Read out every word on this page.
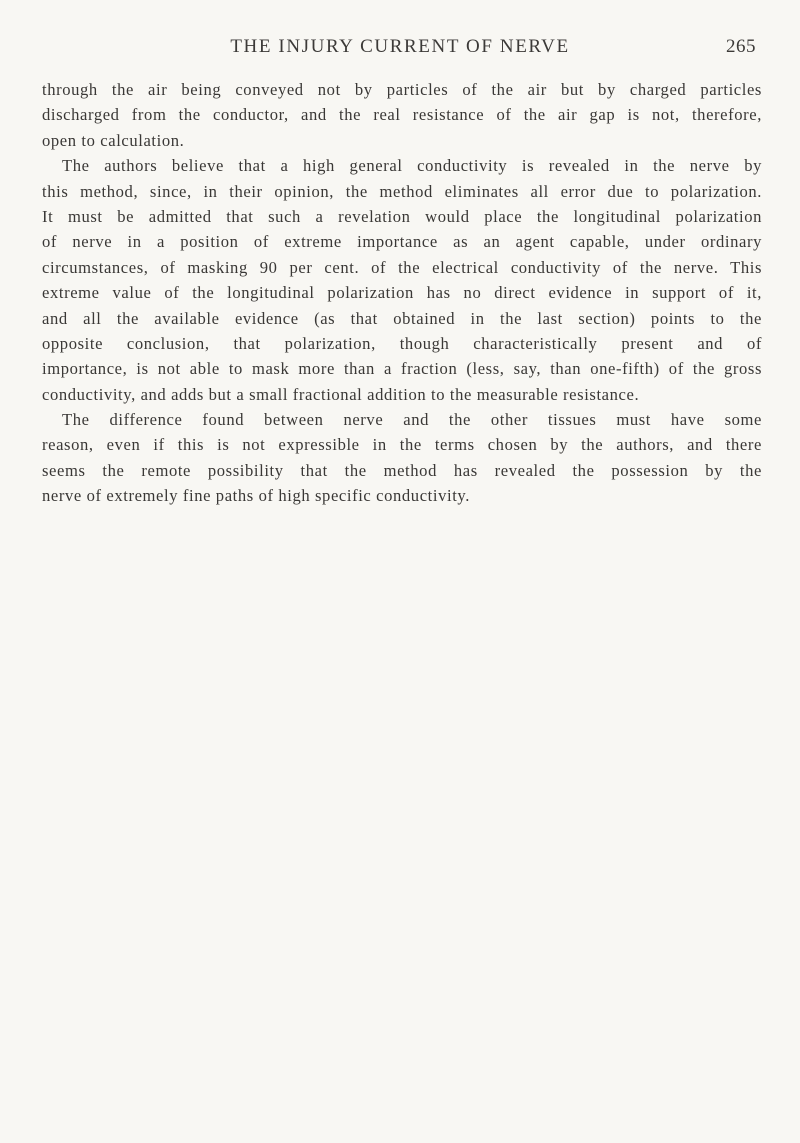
THE INJURY CURRENT OF NERVE	265
through the air being conveyed not by particles of the air but by charged particles
discharged from the conductor, and the real resistance of the air gap is not, therefore,
open to calculation.
The authors believe that a high general conductivity is revealed in the nerve by
this method, since, in their opinion, the method eliminates all error due to polarization.
It must be admitted that such a revelation would place the longitudinal polarization
of nerve in a position of extreme importance as an agent capable, under ordinary
circumstances, of masking 90 per cent. of the electrical conductivity of the nerve. This
extreme value of the longitudinal polarization has no direct evidence in support of it,
and all the available evidence (as that obtained in the last section) points to the
opposite conclusion, that polarization, though characteristically present and of
importance, is not able to mask more than a fraction (less, say, than one-fifth) of the gross
conductivity, and adds but a small fractional addition to the measurable resistance.
The difference found between nerve and the other tissues must have some
reason, even if this is not expressible in the terms chosen by the authors, and there
seems the remote possibility that the method has revealed the possession by the
nerve of extremely fine paths of high specific conductivity.
